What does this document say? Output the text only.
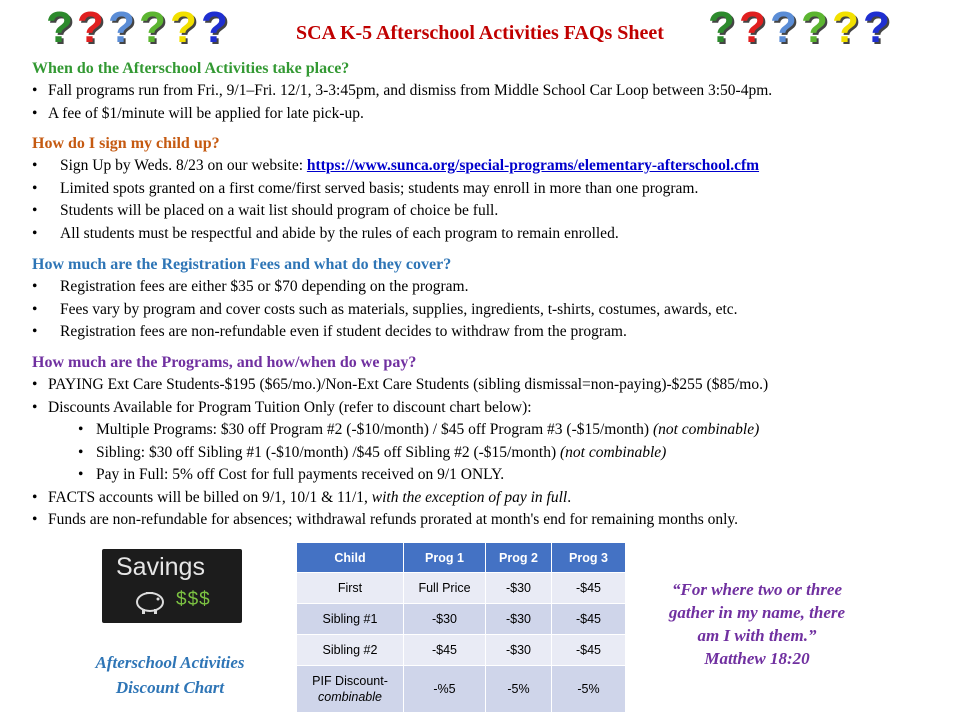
? ? ? ? ? ?	? ? ? ? ? ?
SCA K-5 Afterschool Activities FAQs Sheet
When do the Afterschool Activities take place?
• Fall programs run from Fri., 9/1–Fri. 12/1, 3-3:45pm, and dismiss from Middle School Car Loop between 3:50-4pm.
• A fee of $1/minute will be applied for late pick-up.
How do I sign my child up?
• Sign Up by Weds. 8/23 on our website: https://www.sunca.org/special-programs/elementary-afterschool.cfm
• Limited spots granted on a first come/first served basis; students may enroll in more than one program.
• Students will be placed on a wait list should program of choice be full.
• All students must be respectful and abide by the rules of each program to remain enrolled.
How much are the Registration Fees and what do they cover?
• Registration fees are either $35 or $70 depending on the program.
• Fees vary by program and cover costs such as materials, supplies, ingredients, t-shirts, costumes, awards, etc.
• Registration fees are non-refundable even if student decides to withdraw from the program.
How much are the Programs, and how/when do we pay?
• PAYING Ext Care Students-$195 ($65/mo.)/Non-Ext Care Students (sibling dismissal=non-paying)-$255 ($85/mo.)
• Discounts Available for Program Tuition Only (refer to discount chart below):
• Multiple Programs: $30 off Program #2 (-$10/month) / $45 off Program #3 (-$15/month) (not combinable)
• Sibling: $30 off Sibling #1 (-$10/month) /$45 off Sibling #2 (-$15/month) (not combinable)
• Pay in Full: 5% off Cost for full payments received on 9/1 ONLY.
• FACTS accounts will be billed on 9/1, 10/1 & 11/1, with the exception of pay in full.
• Funds are non-refundable for absences; withdrawal refunds prorated at month's end for remaining months only.
Savings
$$$
Afterschool Activities
Discount Chart
Child	Prog 1	Prog 2	Prog 3
First	Full Price	-$30	-$45
Sibling #1	-$30	-$30	-$45
Sibling #2	-$45	-$30	-$45
PIF Discount-
combinable	-%5	-5%	-5%
“For where two or three
gather in my name, there
am I with them.”
Matthew 18:20
